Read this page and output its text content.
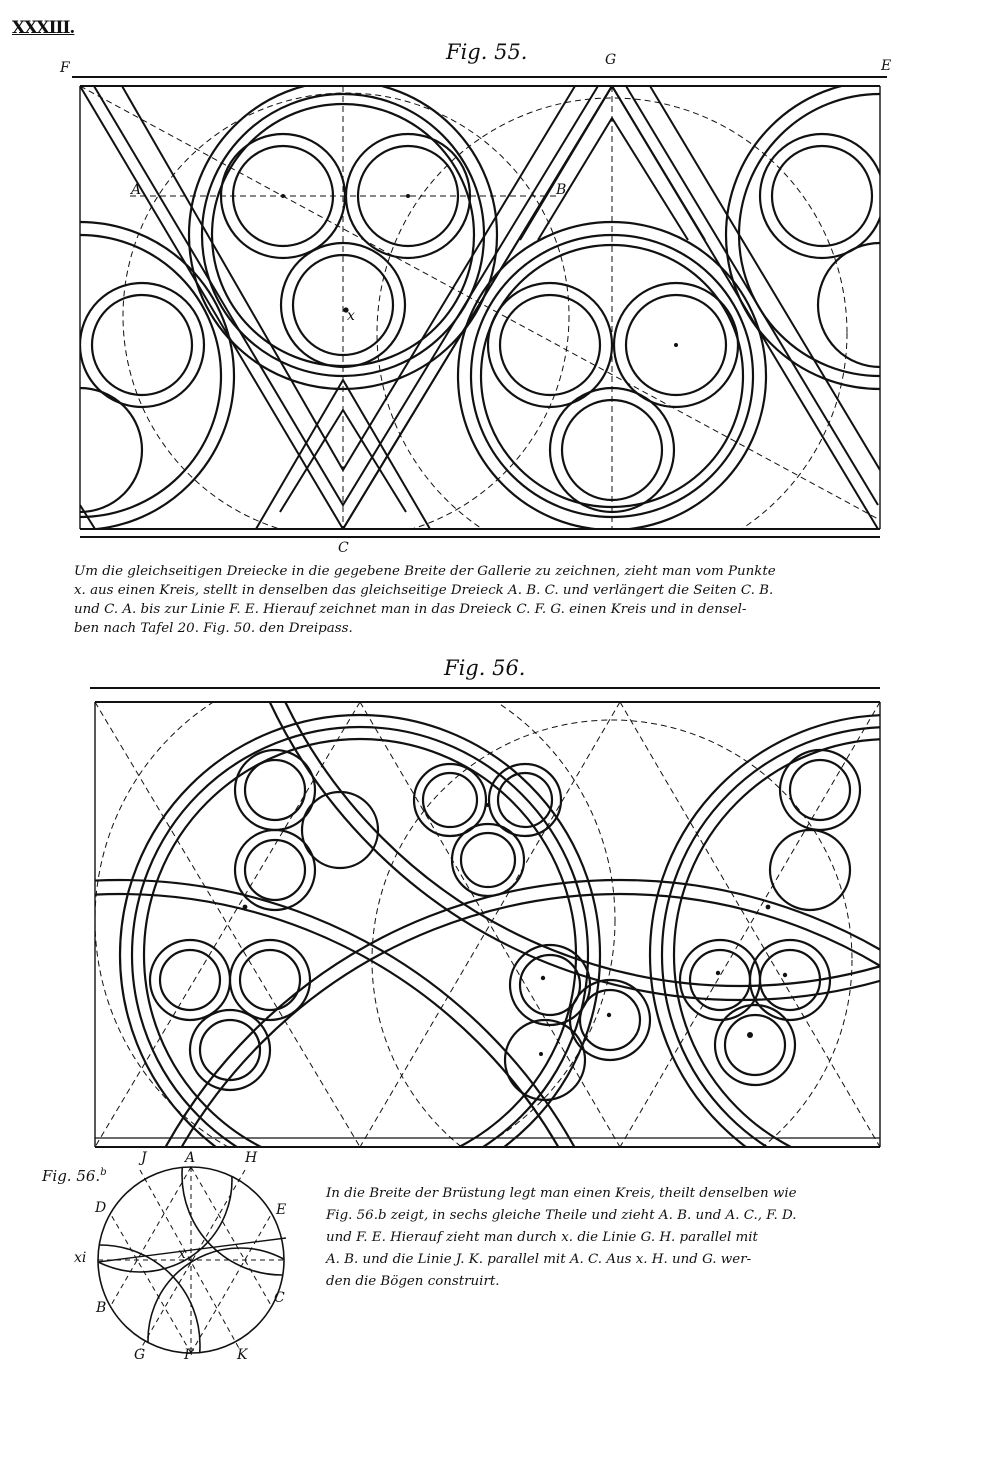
XXXIII.
Fig. 55.
F	G	E
A	B
x
C
Um die gleichseitigen Dreiecke in die gegebene Breite der Gallerie zu zeichnen, zieht man vom Punkte
x. aus einen Kreis, stellt in denselben das gleichseitige Dreieck A. B. C. und verlängert die Seiten C. B.
und C. A. bis zur Linie F. E. Hierauf zeichnet man in das Dreieck C. F. G. einen Kreis und in densel-
ben nach Tafel 20. Fig. 50. den Dreipass.
Fig. 56.
Fig. 56.$^b$
J	A	H
D	E
xi	x
B
C
G	F	K
In die Breite der Brüstung legt man einen Kreis, theilt denselben wie
Fig. 56.b zeigt, in sechs gleiche Theile und zieht A. B. und A. C., F. D.
und F. E. Hierauf zieht man durch x. die Linie G. H. parallel mit
A. B. und die Linie J. K. parallel mit A. C. Aus x. H. und G. wer-
den die Bögen construirt.
